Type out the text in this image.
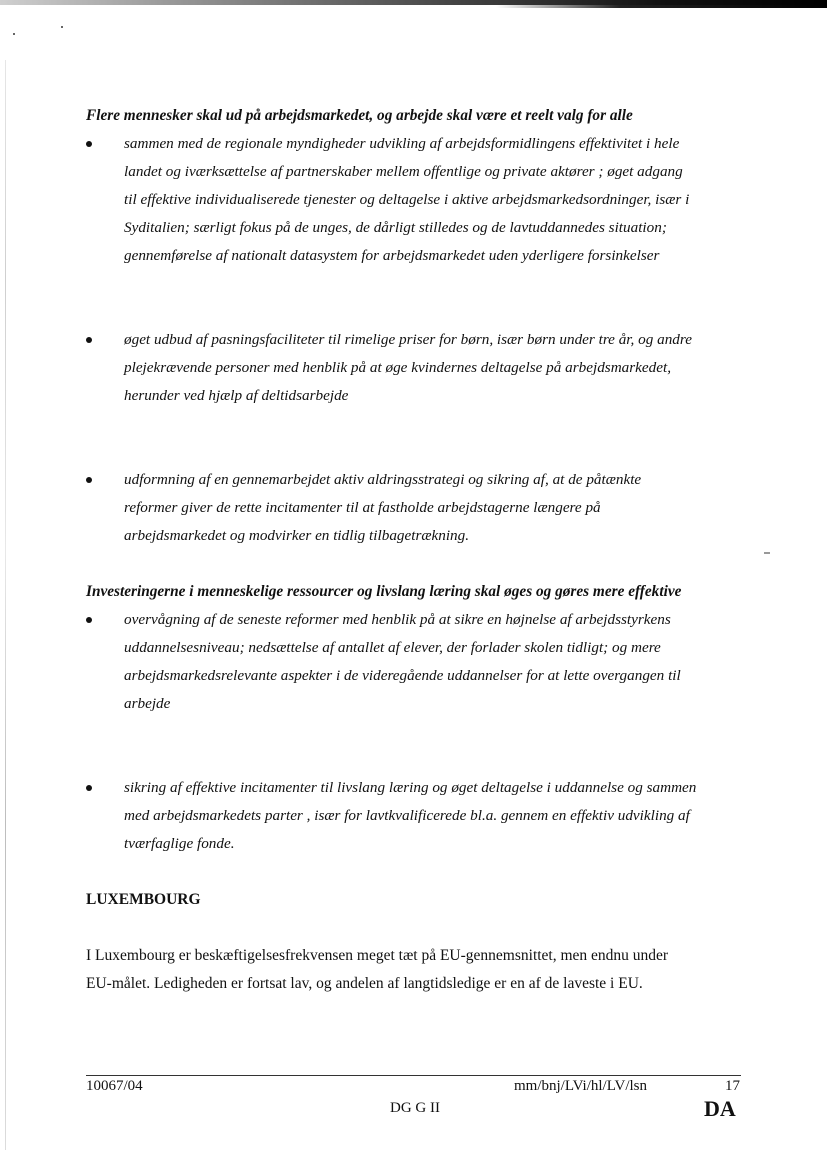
Flere mennesker skal ud på arbejdsmarkedet, og arbejde skal være et reelt valg for alle

sammen med de regionale myndigheder udvikling af arbejdsformidlingens effektivitet i hele
landet og iværksættelse af partnerskaber mellem offentlige og private aktører ; øget adgang
til effektive individualiserede tjenester og deltagelse i aktive arbejdsmarkedsordninger, især i
Syditalien; særligt fokus på de unges, de dårligt stilledes og de lavtuddannedes situation;
gennemførelse af nationalt datasystem for arbejdsmarkedet uden yderligere forsinkelser
øget udbud af pasningsfaciliteter til rimelige priser for børn, især børn under tre år, og andre
plejekrævende personer med henblik på at øge kvindernes deltagelse på arbejdsmarkedet,
herunder ved hjælp af deltidsarbejde
udformning af en gennemarbejdet aktiv aldringsstrategi og sikring af, at de påtænkte
reformer giver de rette incitamenter til at fastholde arbejdstagerne længere på
arbejdsmarkedet og modvirker en tidlig tilbagetrækning.

Investeringerne i menneskelige ressourcer og livslang læring skal øges og gøres mere effektive

overvågning af de seneste reformer med henblik på at sikre en højnelse af arbejdsstyrkens
uddannelsesniveau; nedsættelse af antallet af elever, der forlader skolen tidligt; og mere
arbejdsmarkedsrelevante aspekter i de videregående uddannelser for at lette overgangen til
arbejde
sikring af effektive incitamenter til livslang læring og øget deltagelse i uddannelse og sammen
med arbejdsmarkedets parter , især for lavtkvalificerede bl.a. gennem en effektiv udvikling af
tværfaglige fonde.

LUXEMBOURG

I Luxembourg er beskæftigelsesfrekvensen meget tæt på EU-gennemsnittet, men endnu under
EU-målet. Ledigheden er fortsat lav, og andelen af langtidsledige er en af de laveste i EU.

10067/04
DG G II
mm/bnj/LVi/hl/LV/lsn	17
DA
